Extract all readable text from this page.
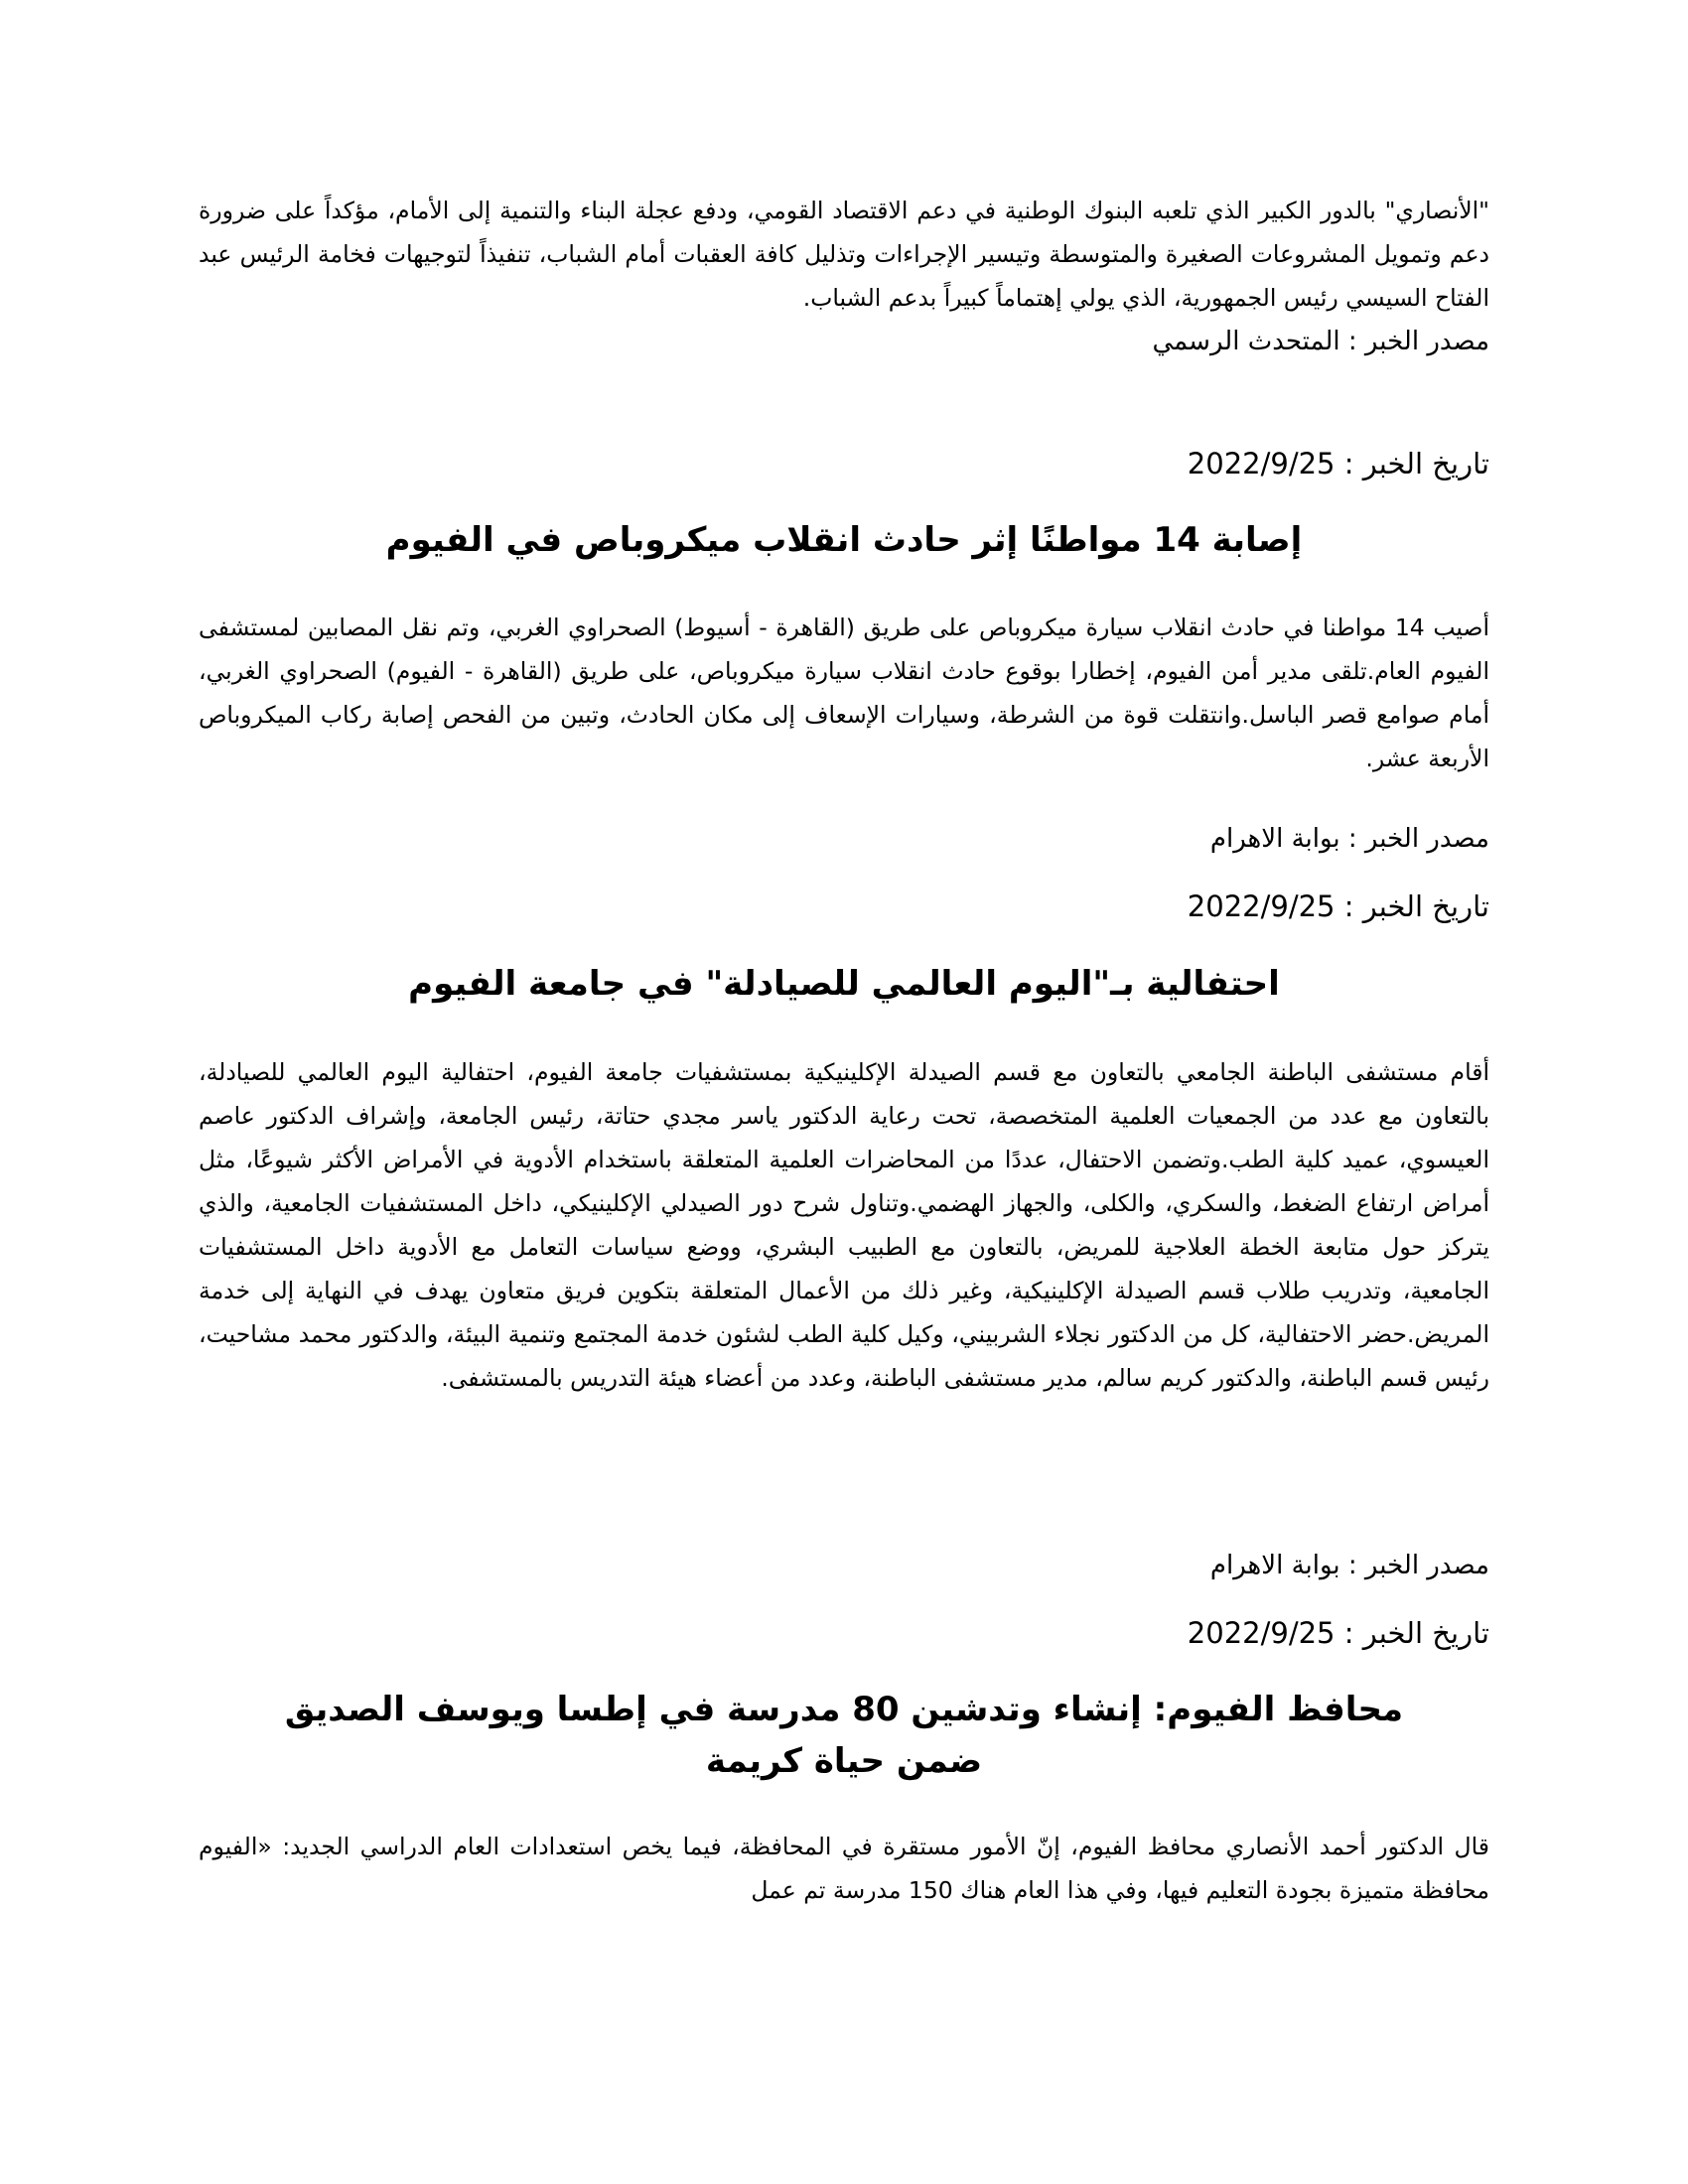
"الأنصاري" بالدور الكبير الذي تلعبه البنوك الوطنية في دعم الاقتصاد القومي، ودفع عجلة البناء والتنمية إلى الأمام، مؤكداً على ضرورة دعم وتمويل المشروعات الصغيرة والمتوسطة وتيسير الإجراءات وتذليل كافة العقبات أمام الشباب، تنفيذاً لتوجيهات فخامة الرئيس عبد الفتاح السيسي رئيس الجمهورية، الذي يولي إهتماماً كبيراً بدعم الشباب.

مصدر الخبر : المتحدث الرسمي

تاريخ الخبر : 2022/9/25

إصابة 14 مواطنًا إثر حادث انقلاب ميكروباص في الفيوم

أصيب 14 مواطنا في حادث انقلاب سيارة ميكروباص على طريق (القاهرة - أسيوط) الصحراوي الغربي، وتم نقل المصابين لمستشفى الفيوم العام.تلقى مدير أمن الفيوم، إخطارا بوقوع حادث انقلاب سيارة ميكروباص، على طريق (القاهرة - الفيوم) الصحراوي الغربي، أمام صوامع قصر الباسل.وانتقلت قوة من الشرطة، وسيارات الإسعاف إلى مكان الحادث، وتبين من الفحص إصابة ركاب الميكروباص الأربعة عشر.

مصدر الخبر : بوابة الاهرام

تاريخ الخبر : 2022/9/25

احتفالية بـ"اليوم العالمي للصيادلة" في جامعة الفيوم

أقام مستشفى الباطنة الجامعي بالتعاون مع قسم الصيدلة الإكلينيكية بمستشفيات جامعة الفيوم، احتفالية اليوم العالمي للصيادلة، بالتعاون مع عدد من الجمعيات العلمية المتخصصة، تحت رعاية الدكتور ياسر مجدي حتاتة، رئيس الجامعة، وإشراف الدكتور عاصم العيسوي، عميد كلية الطب.وتضمن الاحتفال، عددًا من المحاضرات العلمية المتعلقة باستخدام الأدوية في الأمراض الأكثر شيوعًا، مثل أمراض ارتفاع الضغط، والسكري، والكلى، والجهاز الهضمي.وتناول شرح دور الصيدلي الإكلينيكي، داخل المستشفيات الجامعية، والذي يتركز حول متابعة الخطة العلاجية للمريض، بالتعاون مع الطبيب البشري، ووضع سياسات التعامل مع الأدوية داخل المستشفيات الجامعية، وتدريب طلاب قسم الصيدلة الإكلينيكية، وغير ذلك من الأعمال المتعلقة بتكوين فريق متعاون يهدف في النهاية إلى خدمة المريض.حضر الاحتفالية، كل من الدكتور نجلاء الشربيني، وكيل كلية الطب لشئون خدمة المجتمع وتنمية البيئة، والدكتور محمد مشاحيت، رئيس قسم الباطنة، والدكتور كريم سالم، مدير مستشفى الباطنة، وعدد من أعضاء هيئة التدريس بالمستشفى.

مصدر الخبر : بوابة الاهرام

تاريخ الخبر : 2022/9/25

محافظ الفيوم: إنشاء وتدشين 80 مدرسة في إطسا ويوسف الصديق ضمن حياة كريمة

قال الدكتور أحمد الأنصاري محافظ الفيوم، إنّ الأمور مستقرة في المحافظة، فيما يخص استعدادات العام الدراسي الجديد: «الفيوم محافظة متميزة بجودة التعليم فيها، وفي هذا العام هناك 150 مدرسة تم عمل
